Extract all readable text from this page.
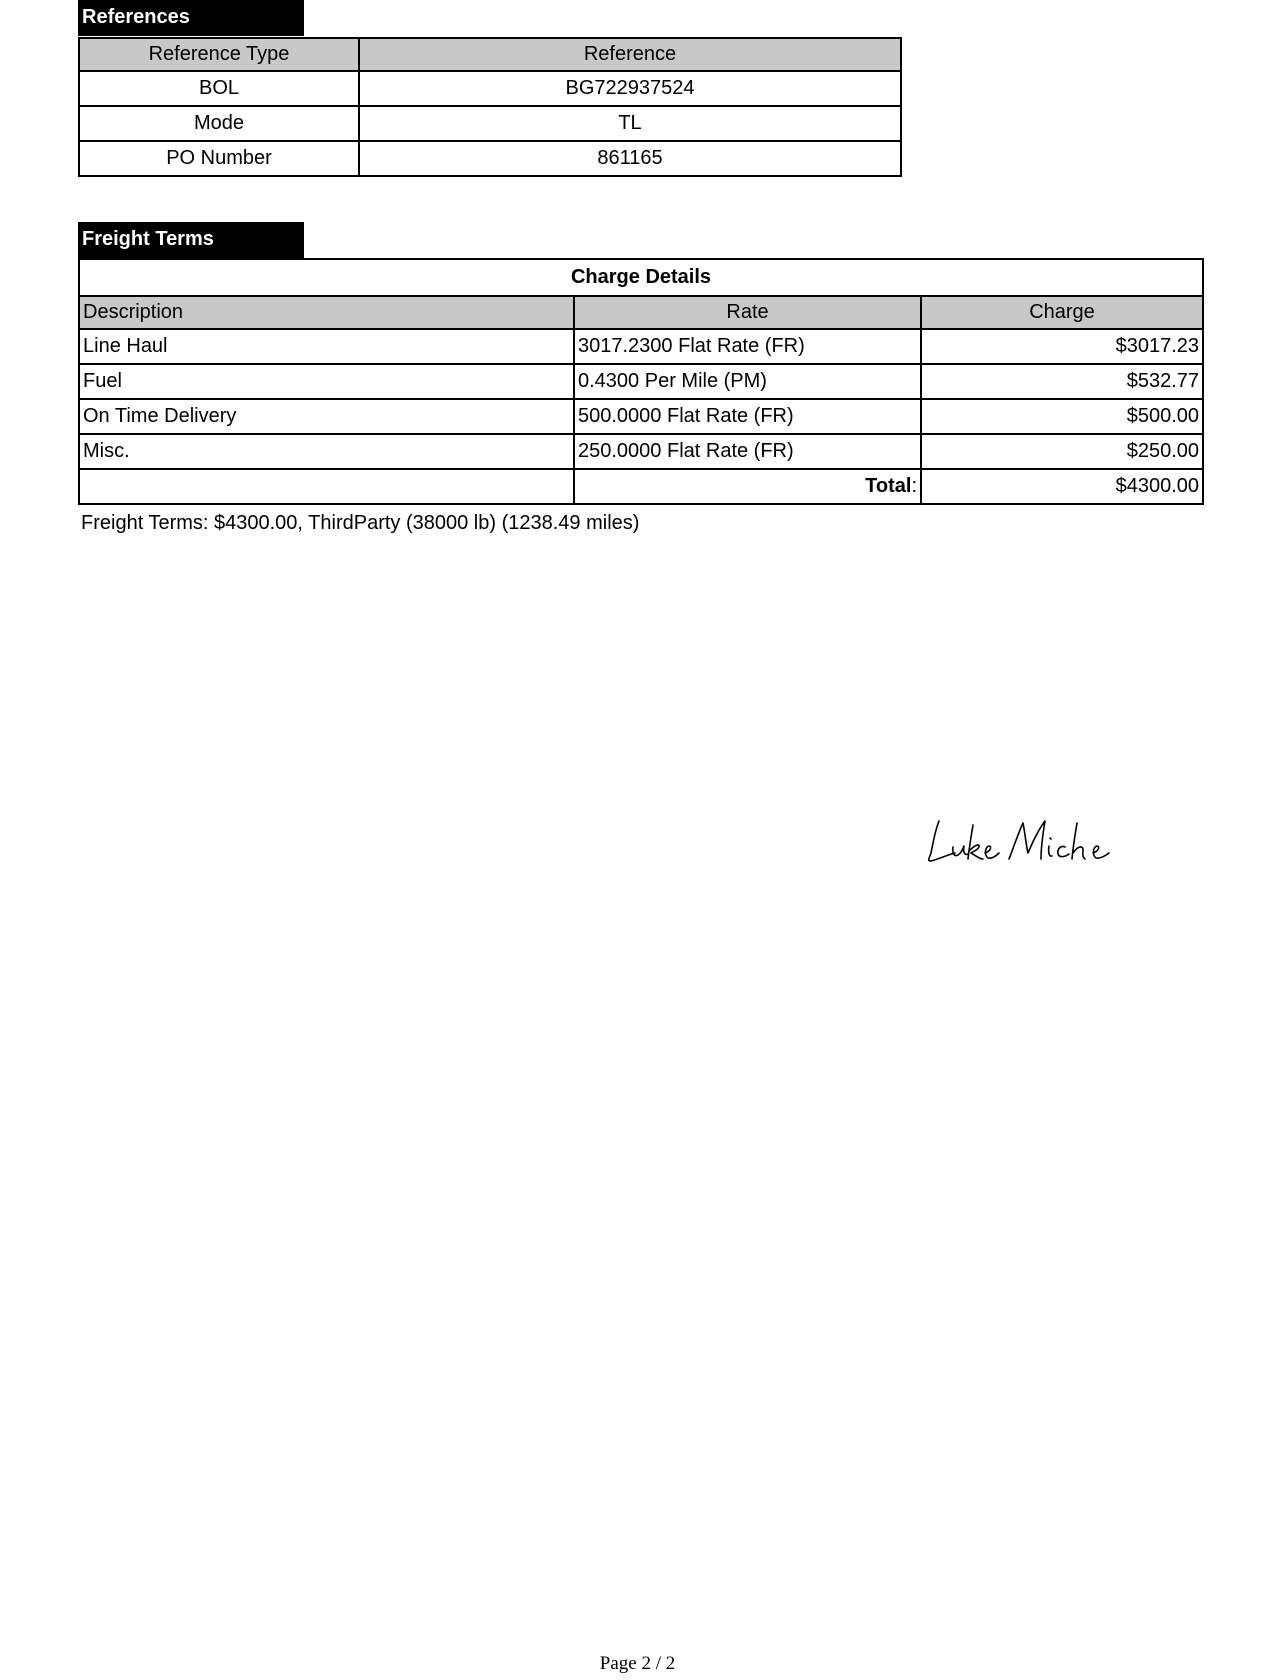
References
Reference Type	Reference
BOL	BG722937524
Mode	TL
PO Number	861165
Freight Terms
Charge Details		
Description	Rate	Charge
Line Haul	3017.2300 Flat Rate (FR)	$3017.23
Fuel	0.4300 Per Mile (PM)	$532.77
On Time Delivery	500.0000 Flat Rate (FR)	$500.00
Misc.	250.0000 Flat Rate (FR)	$250.00
	Total:	$4300.00
Freight Terms: $4300.00, ThirdParty (38000 lb) (1238.49 miles)
Page 2 / 2
